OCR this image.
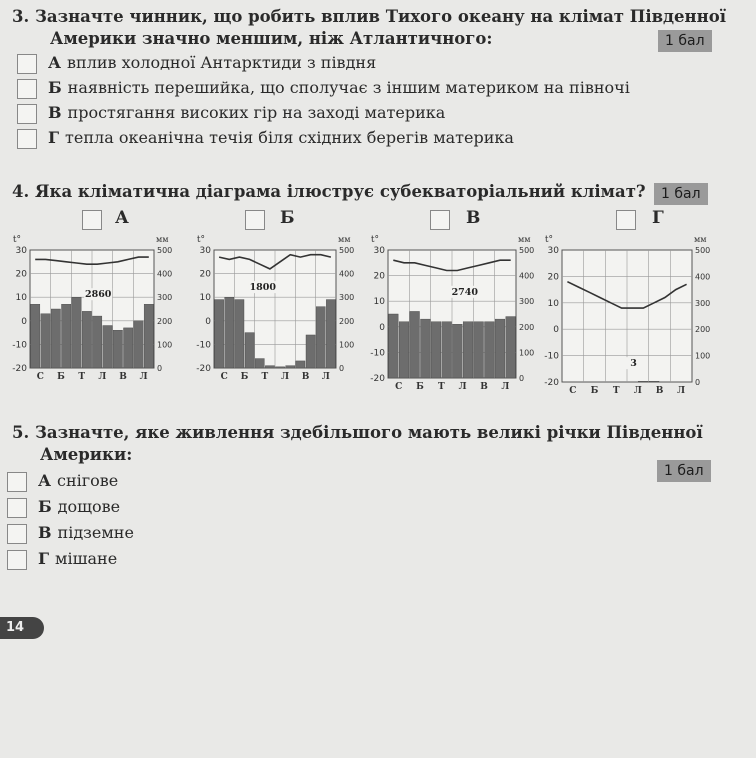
3. Зазначте чинник, що робить вплив Тихого океану на клімат Південної
Америки значно меншим, ніж Атлантичного:	1 бал
А вплив холодної Антарктиди з півдня
Б наявність перешийка, що сполучає з іншим материком на півночі
В простягання високих гір на заході материка
Г тепла океанічна течія біля східних берегів материка
4. Яка кліматична діаграма ілюструє субекваторіальний клімат?	1 бал
А	Б	В	Г
30
20
10
0
-10
-20
500
400
300
200
100
0
t°	мм
С Б Т Л В Л
2860
30
20
10
0
-10
-20
500
400
300
200
100
0
t°	мм
С Б Т Л В Л
1800
30
20
10
0
-10
-20
500
400
300
200
100
0
t°	мм
С Б Т Л В Л
2740
30
20
10
0
-10
-20
500
400
300
200
100
0
t°	мм
С Б Т Л В Л
3
5. Зазначте, яке живлення здебільшого мають великі річки Південної
Америки:
1 бал
А снігове
Б дощове
В підземне
Г мішане
14
